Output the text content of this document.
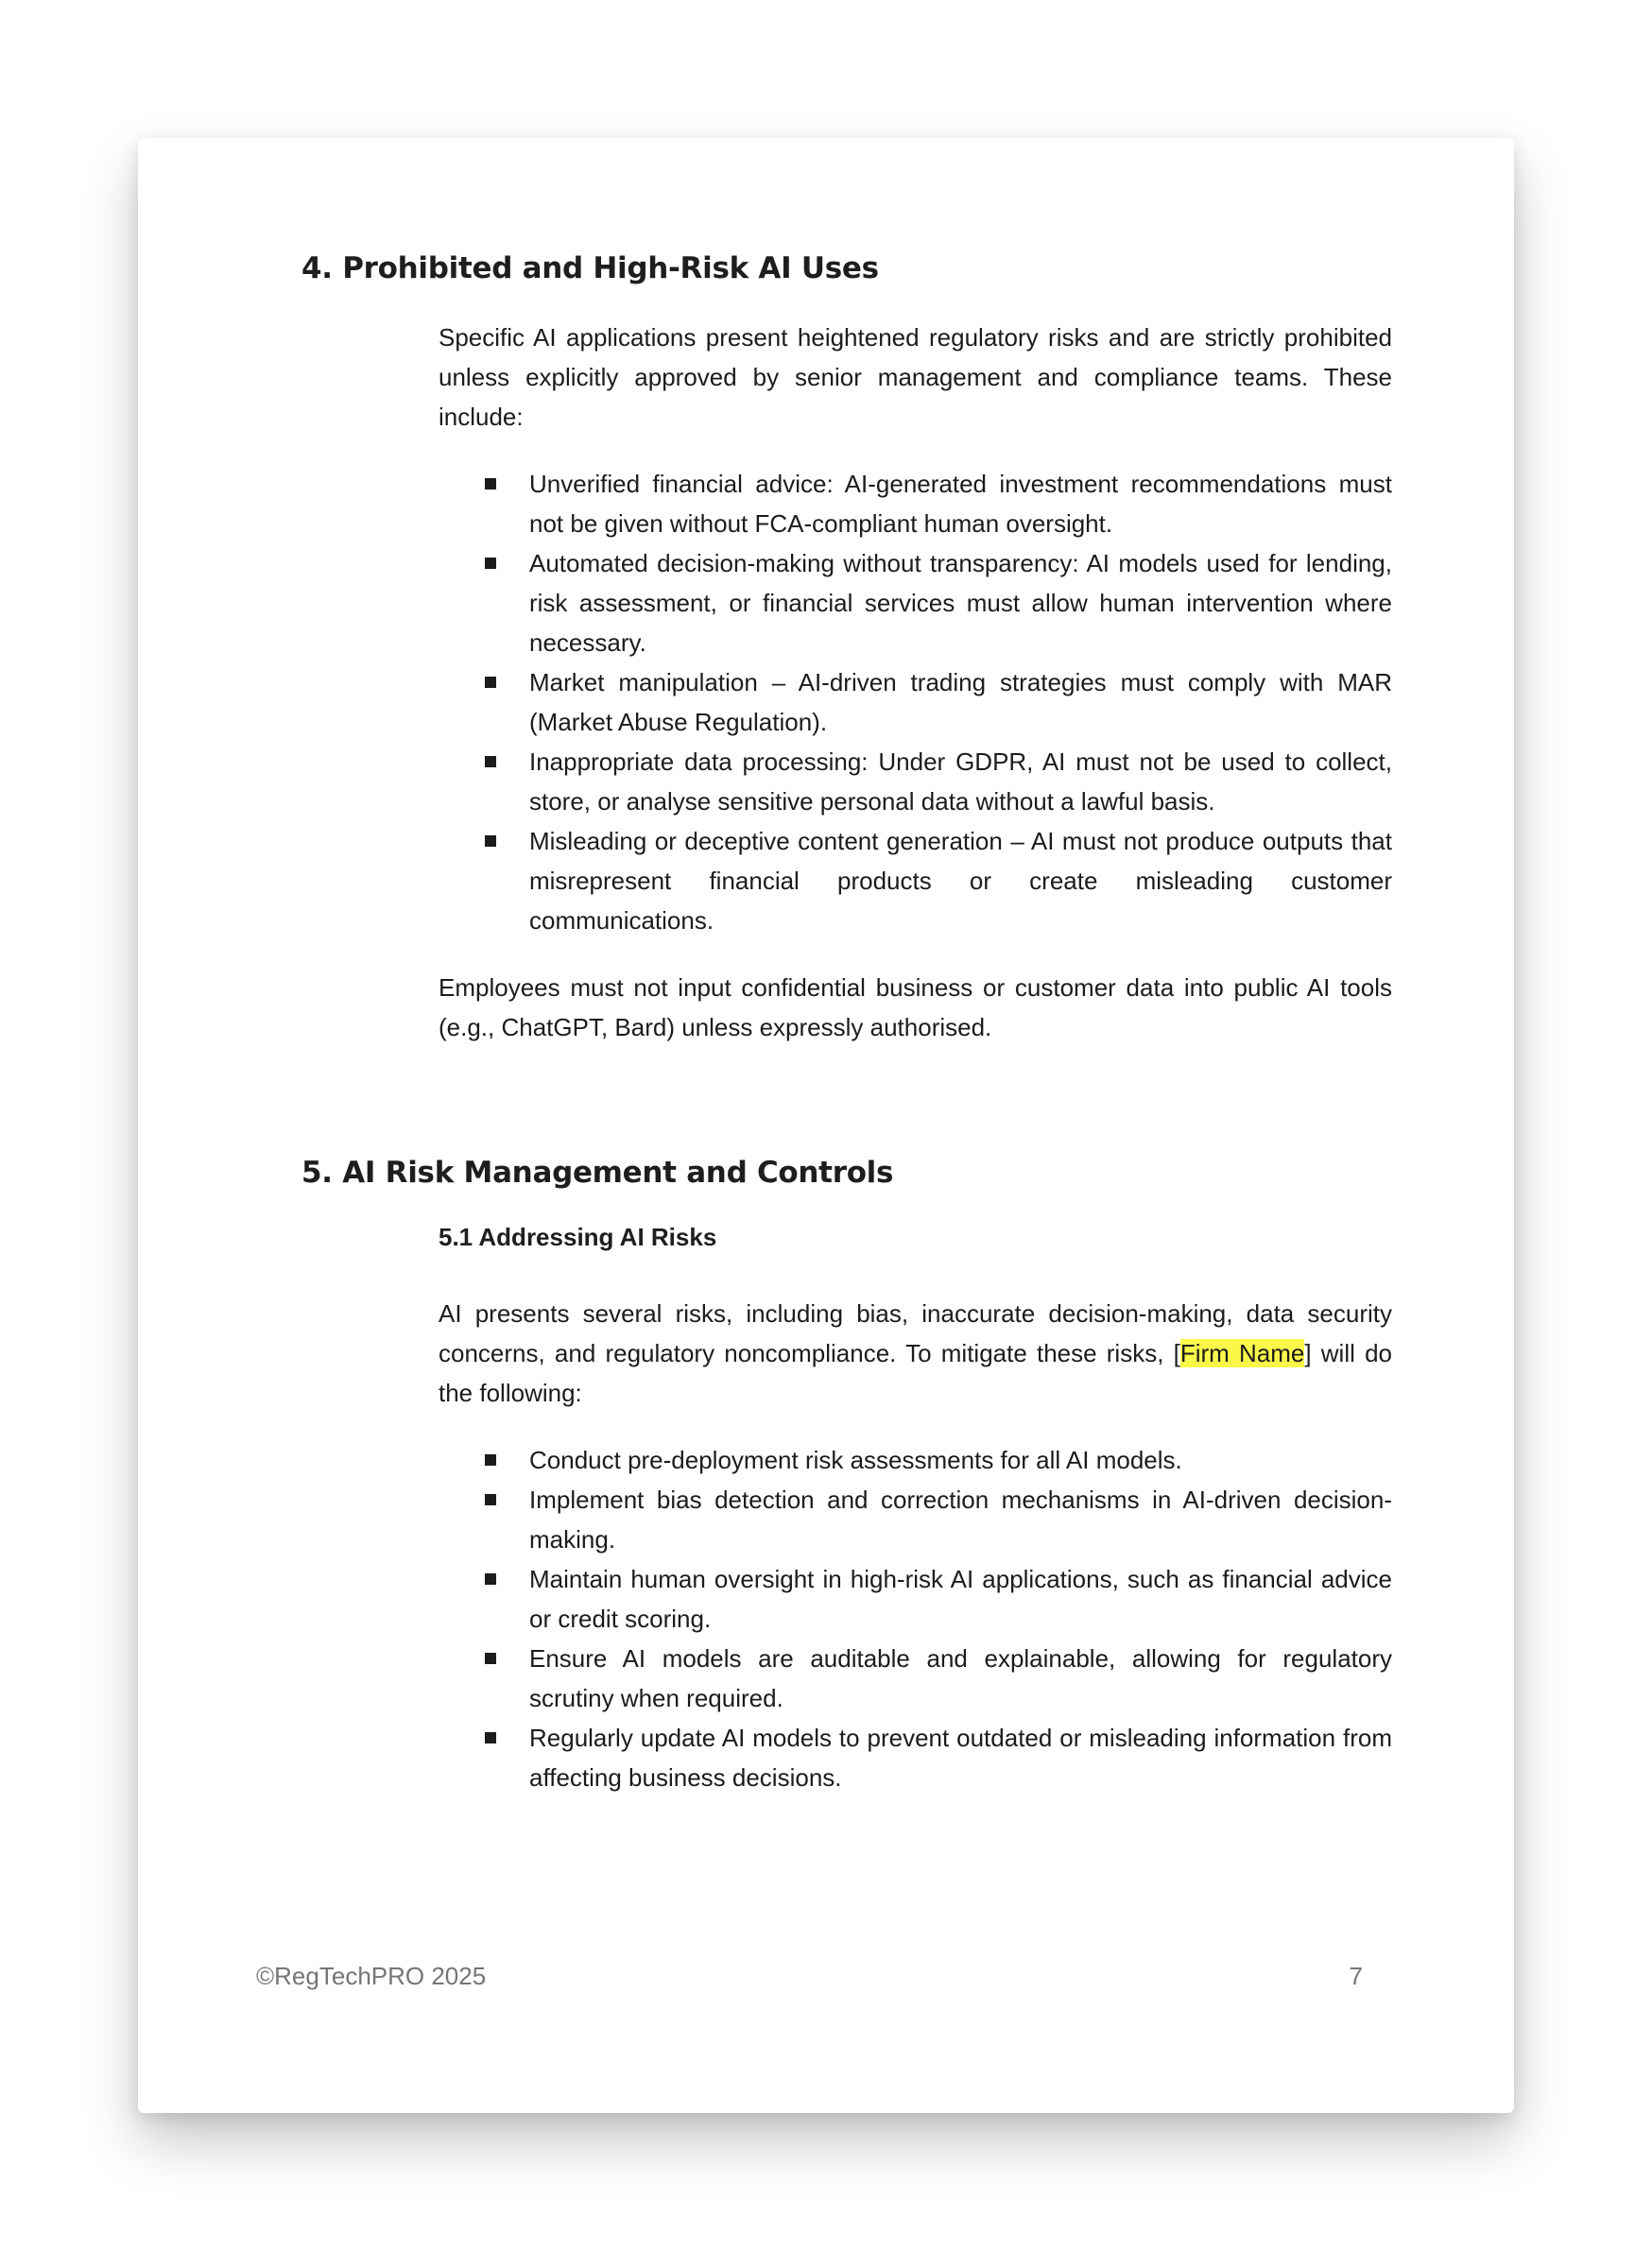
4. Prohibited and High-Risk AI Uses

Specific AI applications present heightened regulatory risks and are strictly prohibited unless explicitly approved by senior management and compliance teams. These include:

Unverified financial advice: AI-generated investment recommendations must not be given without FCA-compliant human oversight.
Automated decision-making without transparency: AI models used for lending, risk assessment, or financial services must allow human intervention where necessary.
Market manipulation – AI-driven trading strategies must comply with MAR (Market Abuse Regulation).
Inappropriate data processing: Under GDPR, AI must not be used to collect, store, or analyse sensitive personal data without a lawful basis.
Misleading or deceptive content generation – AI must not produce outputs that misrepresent financial products or create misleading customer communications.

Employees must not input confidential business or customer data into public AI tools (e.g., ChatGPT, Bard) unless expressly authorised.

5. AI Risk Management and Controls
5.1 Addressing AI Risks

AI presents several risks, including bias, inaccurate decision-making, data security concerns, and regulatory noncompliance. To mitigate these risks, [Firm Name] will do the following:

Conduct pre-deployment risk assessments for all AI models.
Implement bias detection and correction mechanisms in AI-driven decision-making.
Maintain human oversight in high-risk AI applications, such as financial advice or credit scoring.
Ensure AI models are auditable and explainable, allowing for regulatory scrutiny when required.
Regularly update AI models to prevent outdated or misleading information from affecting business decisions.
©RegTechPRO 2025	7
